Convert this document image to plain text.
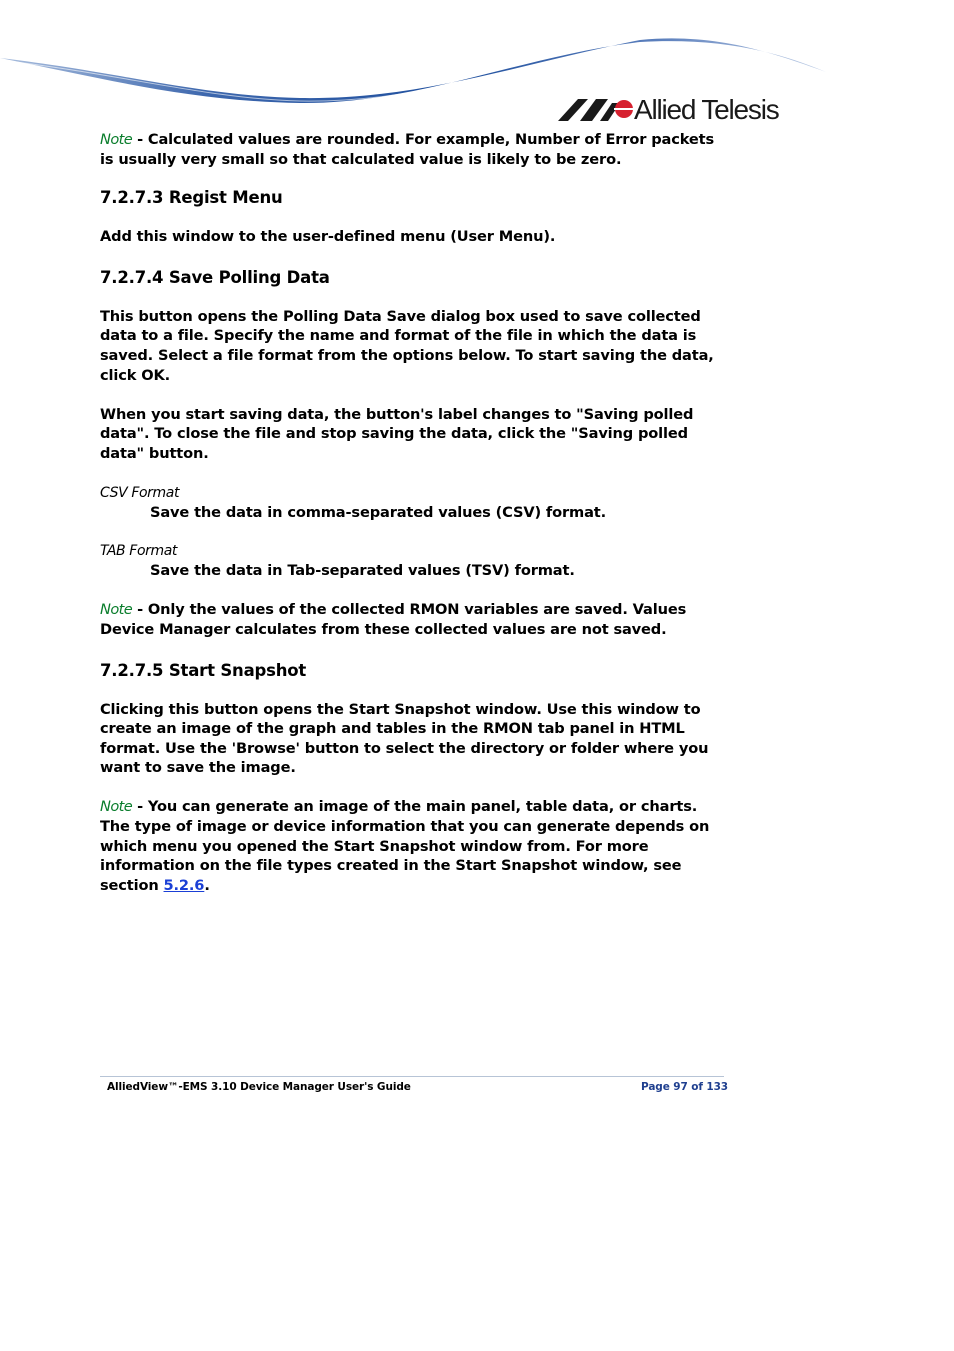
Allied Telesis

Note - Calculated values are rounded. For example, Number of Error packets is usually very small so that calculated value is likely to be zero.

7.2.7.3 Regist Menu

Add this window to the user-defined menu (User Menu).

7.2.7.4 Save Polling Data

This button opens the Polling Data Save dialog box used to save collected data to a file. Specify the name and format of the file in which the data is saved. Select a file format from the options below. To start saving the data, click OK.

When you start saving data, the button's label changes to "Saving polled data". To close the file and stop saving the data, click the "Saving polled data" button.

CSV Format

Save the data in comma-separated values (CSV) format.

TAB Format

Save the data in Tab-separated values (TSV) format.

Note - Only the values of the collected RMON variables are saved. Values Device Manager calculates from these collected values are not saved.

7.2.7.5 Start Snapshot

Clicking this button opens the Start Snapshot window. Use this window to create an image of the graph and tables in the RMON tab panel in HTML format. Use the 'Browse' button to select the directory or folder where you want to save the image.

Note - You can generate an image of the main panel, table data, or charts. The type of image or device information that you can generate depends on which menu you opened the Start Snapshot window from. For more information on the file types created in the Start Snapshot window, see section 5.2.6.

AlliedView™-EMS 3.10 Device Manager User's Guide	Page 97 of 133
